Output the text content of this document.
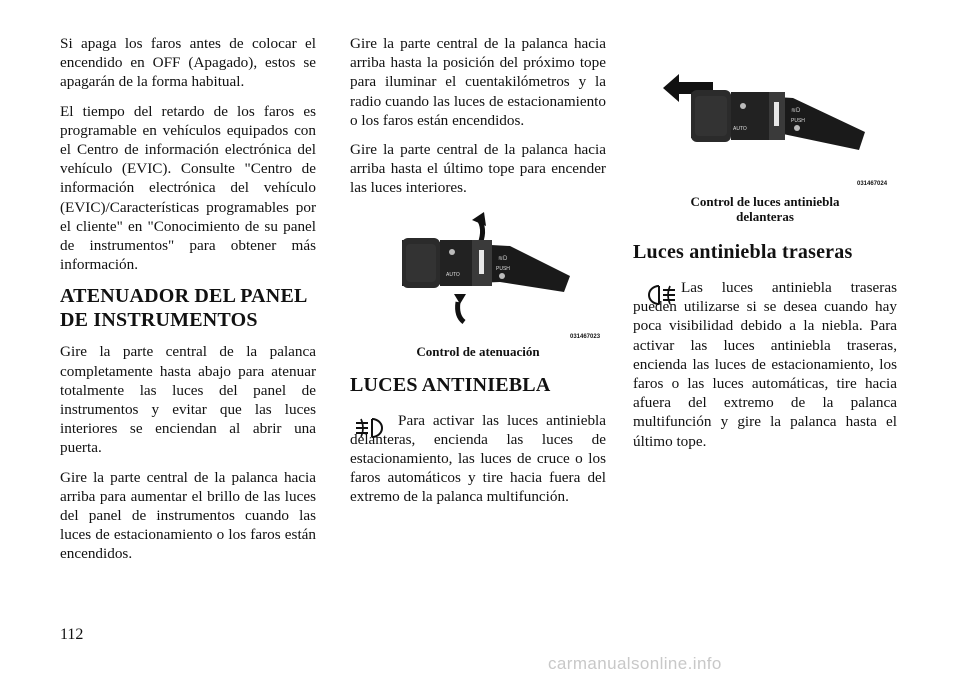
Si apaga los faros antes de colocar el encendido en OFF (Apagado), estos se apagarán de la forma habitual.

El tiempo del retardo de los faros es programable en vehículos equipados con el Centro de información electrónica del vehículo (EVIC). Consulte "Centro de información electrónica del vehículo (EVIC)/Características programables por el cliente" en "Conocimiento de su panel de instrumentos" para obtener más información.

ATENUADOR DEL PANEL
DE INSTRUMENTOS

Gire la parte central de la palanca completamente hasta abajo para atenuar totalmente las luces del panel de instrumentos y evitar que las luces interiores se enciendan al abrir una puerta.

Gire la parte central de la palanca hacia arriba para aumentar el brillo de las luces del panel de instrumentos cuando las luces de estacionamiento o los faros están encendidos.

Gire la parte central de la palanca hacia arriba hasta la posición del próximo tope para iluminar el cuentakilómetros y la radio cuando las luces de estacionamiento o los faros están encendidos.

Gire la parte central de la palanca hacia arriba hasta el último tope para encender las luces interiores.

AUTO
PUSH
≋D
031467023
Control de atenuación
LUCES ANTINIEBLA

Para activar las luces antiniebla delanteras, encienda las luces de estacionamiento, las luces de cruce o los faros automáticos y tire hacia fuera del extremo de la palanca multifunción.

AUTO
PUSH
≋D
031467024
Control de luces antiniebla
delanteras
Luces antiniebla traseras

Las luces antiniebla traseras pueden utilizarse si se desea cuando hay poca visibilidad debido a la niebla. Para activar las luces antiniebla traseras, encienda las luces de estacionamiento, los faros o las luces automáticas, tire hacia afuera del extremo de la palanca multifunción y gire la palanca hasta el último tope.

112
carmanualsonline.info
